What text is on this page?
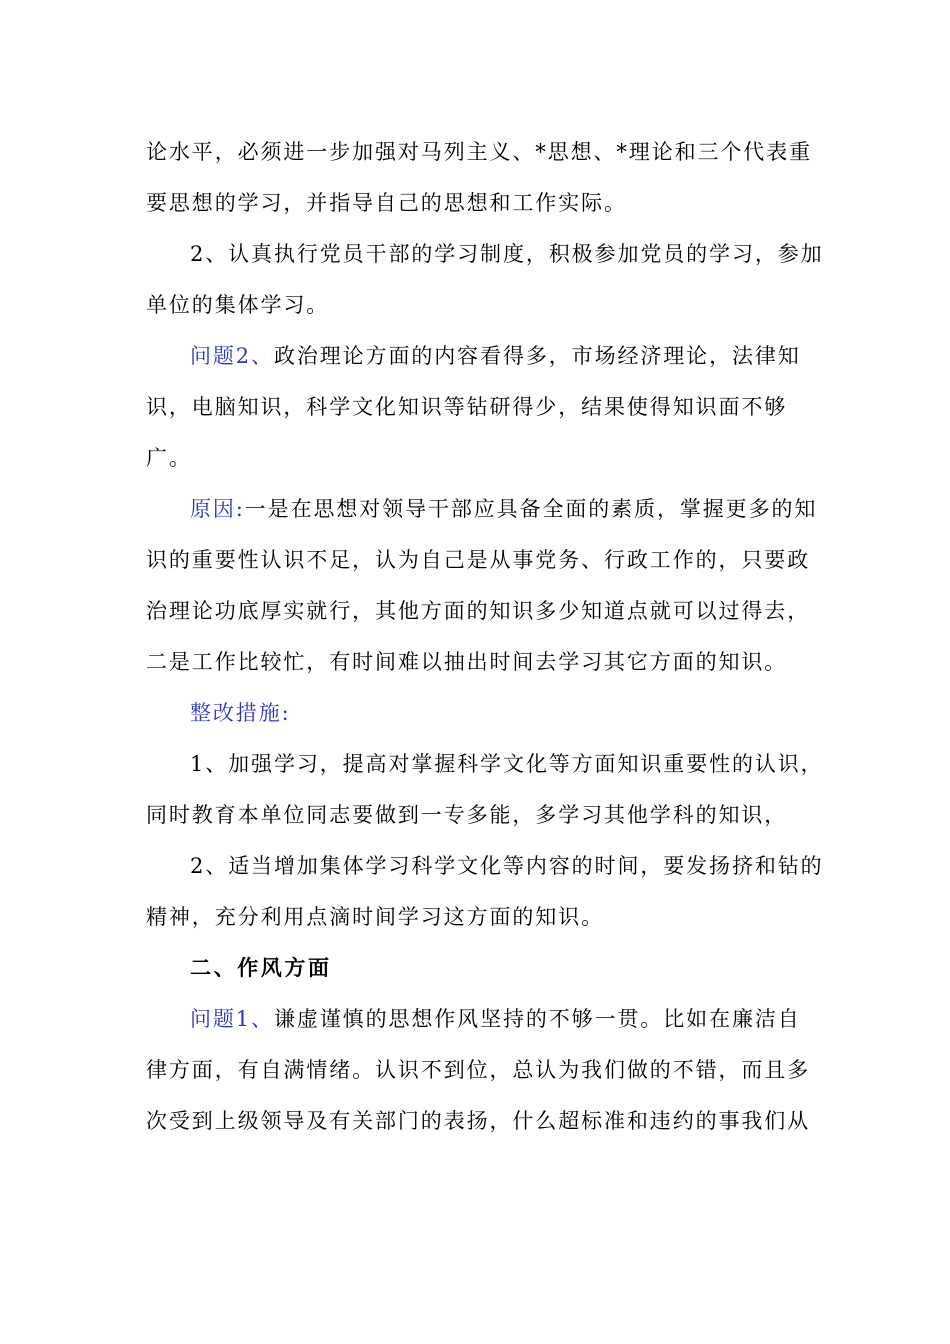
论水平，必须进一步加强对马列主义、*思想、*理论和三个代表重
要思想的学习，并指导自己的思想和工作实际。
2、认真执行党员干部的学习制度，积极参加党员的学习，参加
单位的集体学习。
问题2、政治理论方面的内容看得多，市场经济理论，法律知
识，电脑知识，科学文化知识等钻研得少，结果使得知识面不够
广。
原因:一是在思想对领导干部应具备全面的素质，掌握更多的知
识的重要性认识不足，认为自己是从事党务、行政工作的，只要政
治理论功底厚实就行，其他方面的知识多少知道点就可以过得去，
二是工作比较忙，有时间难以抽出时间去学习其它方面的知识。
整改措施:
1、加强学习，提高对掌握科学文化等方面知识重要性的认识，
同时教育本单位同志要做到一专多能，多学习其他学科的知识，
2、适当增加集体学习科学文化等内容的时间，要发扬挤和钻的
精神，充分利用点滴时间学习这方面的知识。
二、作风方面
问题1、谦虚谨慎的思想作风坚持的不够一贯。比如在廉洁自
律方面，有自满情绪。认识不到位，总认为我们做的不错，而且多
次受到上级领导及有关部门的表扬，什么超标准和违约的事我们从
